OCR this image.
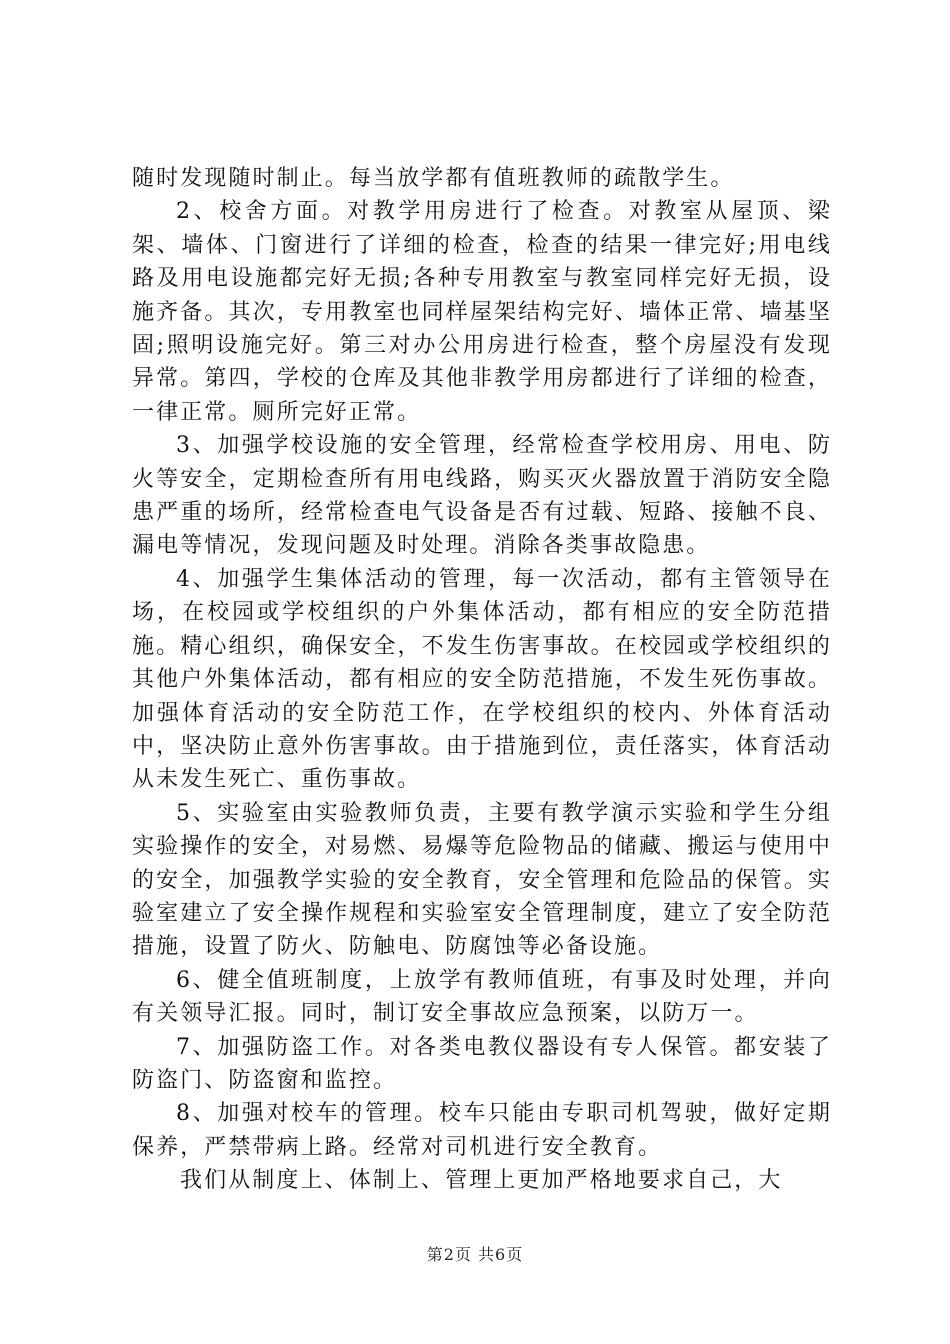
随时发现随时制止。每当放学都有值班教师的疏散学生。

2、校舍方面。对教学用房进行了检查。对教室从屋顶、梁架、墙体、门窗进行了详细的检查，检查的结果一律完好;用电线路及用电设施都完好无损;各种专用教室与教室同样完好无损，设施齐备。其次，专用教室也同样屋架结构完好、墙体正常、墙基坚固;照明设施完好。第三对办公用房进行检查，整个房屋没有发现异常。第四，学校的仓库及其他非教学用房都进行了详细的检查，一律正常。厕所完好正常。

3、加强学校设施的安全管理，经常检查学校用房、用电、防火等安全，定期检查所有用电线路，购买灭火器放置于消防安全隐患严重的场所，经常检查电气设备是否有过载、短路、接触不良、漏电等情况，发现问题及时处理。消除各类事故隐患。

4、加强学生集体活动的管理，每一次活动，都有主管领导在场，在校园或学校组织的户外集体活动，都有相应的安全防范措施。精心组织，确保安全，不发生伤害事故。在校园或学校组织的其他户外集体活动，都有相应的安全防范措施，不发生死伤事故。加强体育活动的安全防范工作，在学校组织的校内、外体育活动中，坚决防止意外伤害事故。由于措施到位，责任落实，体育活动从未发生死亡、重伤事故。

5、实验室由实验教师负责，主要有教学演示实验和学生分组实验操作的安全，对易燃、易爆等危险物品的储藏、搬运与使用中的安全，加强教学实验的安全教育，安全管理和危险品的保管。实验室建立了安全操作规程和实验室安全管理制度，建立了安全防范措施，设置了防火、防触电、防腐蚀等必备设施。

6、健全值班制度，上放学有教师值班，有事及时处理，并向有关领导汇报。同时，制订安全事故应急预案，以防万一。

7、加强防盗工作。对各类电教仪器设有专人保管。都安装了防盗门、防盗窗和监控。

8、加强对校车的管理。校车只能由专职司机驾驶，做好定期保养，严禁带病上路。经常对司机进行安全教育。

我们从制度上、体制上、管理上更加严格地要求自己，大

第2页 共6页
